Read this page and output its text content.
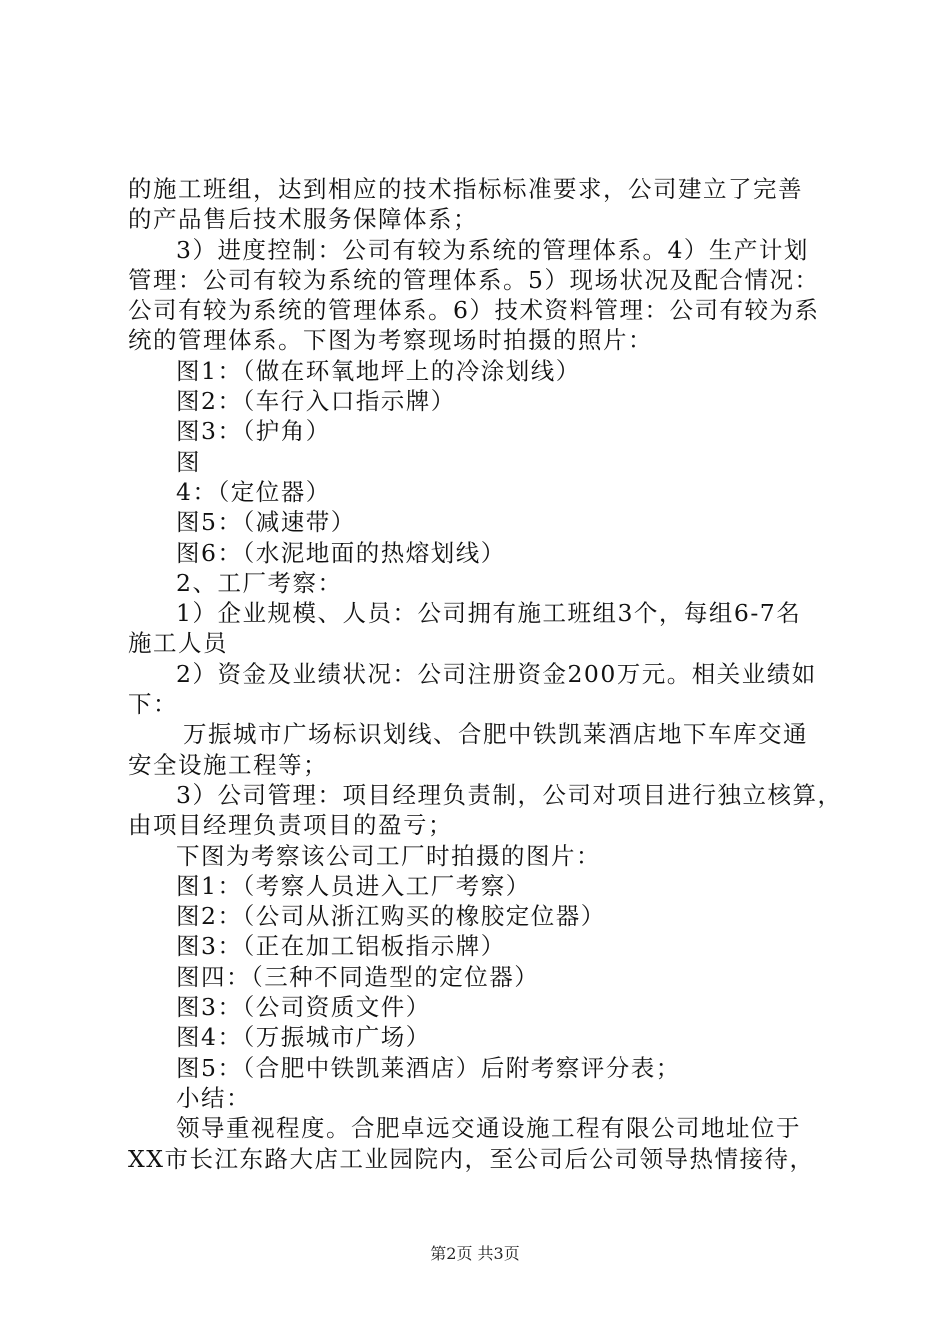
的施工班组，达到相应的技术指标标准要求，公司建立了完善
的产品售后技术服务保障体系；
3）进度控制：公司有较为系统的管理体系。4）生产计划
管理：公司有较为系统的管理体系。5）现场状况及配合情况：
公司有较为系统的管理体系。6）技术资料管理：公司有较为系
统的管理体系。下图为考察现场时拍摄的照片：
图1：（做在环氧地坪上的冷涂划线）
图2：（车行入口指示牌）
图3：（护角）
图
4：（定位器）
图5：（减速带）
图6：（水泥地面的热熔划线）
2、工厂考察：
1）企业规模、人员：公司拥有施工班组3个，每组6-7名
施工人员
2）资金及业绩状况：公司注册资金200万元。相关业绩如
下：
万振城市广场标识划线、合肥中铁凯莱酒店地下车库交通
安全设施工程等；
3）公司管理：项目经理负责制，公司对项目进行独立核算，
由项目经理负责项目的盈亏；
下图为考察该公司工厂时拍摄的图片：
图1：（考察人员进入工厂考察）
图2：（公司从浙江购买的橡胶定位器）
图3：（正在加工铝板指示牌）
图四：（三种不同造型的定位器）
图3：（公司资质文件）
图4：（万振城市广场）
图5：（合肥中铁凯莱酒店）后附考察评分表；
小结：
领导重视程度。合肥卓远交通设施工程有限公司地址位于
XX市长江东路大店工业园院内，至公司后公司领导热情接待，
第2页 共3页
